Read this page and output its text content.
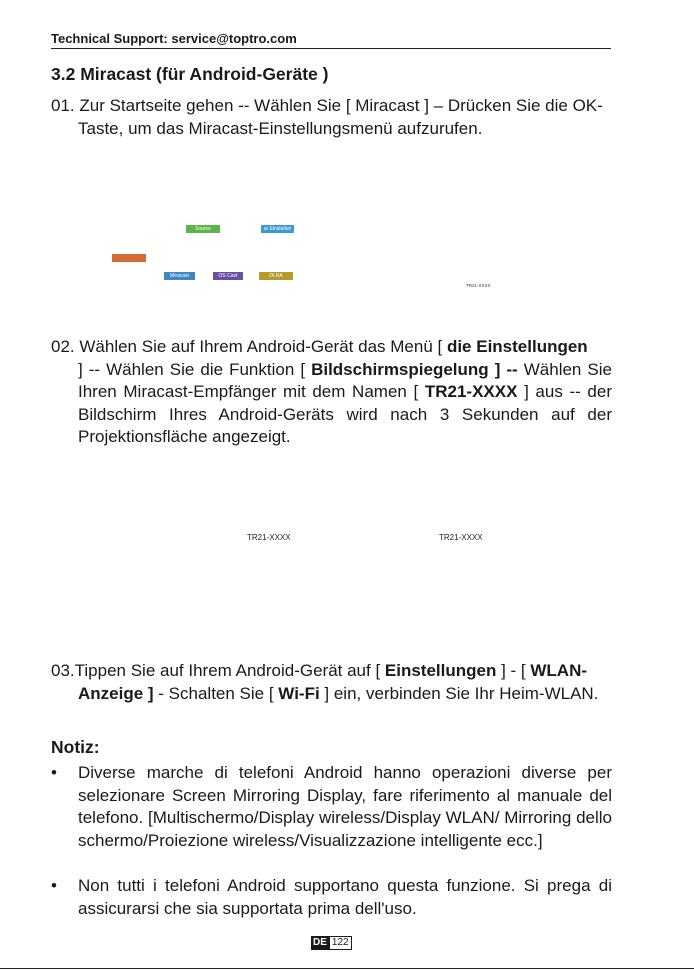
Technical Support: service@toptro.com
3.2 Miracast (für Android-Geräte )
01. Zur Startseite gehen -- Wählen Sie [ Miracast ] – Drücken Sie die OK-
Taste, um das Miracast-Einstellungsmenü aufzurufen.
Source	ur Einstellun
Miracast	OS Cast	DLNA
TR21-XXXX
02. Wählen Sie auf Ihrem Android-Gerät das Menü [ die Einstellungen
] -- Wählen Sie die Funktion [ Bildschirmspiegelung ] -- Wählen Sie Ihren Miracast-Empfänger mit dem Namen [ TR21-XXXX ] aus -- der Bildschirm Ihres Android-Geräts wird nach 3 Sekunden auf der Projektionsfläche angezeigt.
TR21-XXXX	TR21-XXXX
03.Tippen Sie auf Ihrem Android-Gerät auf [ Einstellungen ] - [ WLAN-
Anzeige ] - Schalten Sie [ Wi-Fi ] ein, verbinden Sie Ihr Heim-WLAN.
Notiz:
• Diverse marche di telefoni Android hanno operazioni diverse per selezionare Screen Mirroring Display, fare riferimento al manuale del telefono. [Multischermo/Display wireless/Display WLAN/ Mirroring dello schermo/Proiezione wireless/Visualizzazione intelligente ecc.]
• Non tutti i telefoni Android supportano questa funzione. Si prega di assicurarsi che sia supportata prima dell'uso.
DE 122
